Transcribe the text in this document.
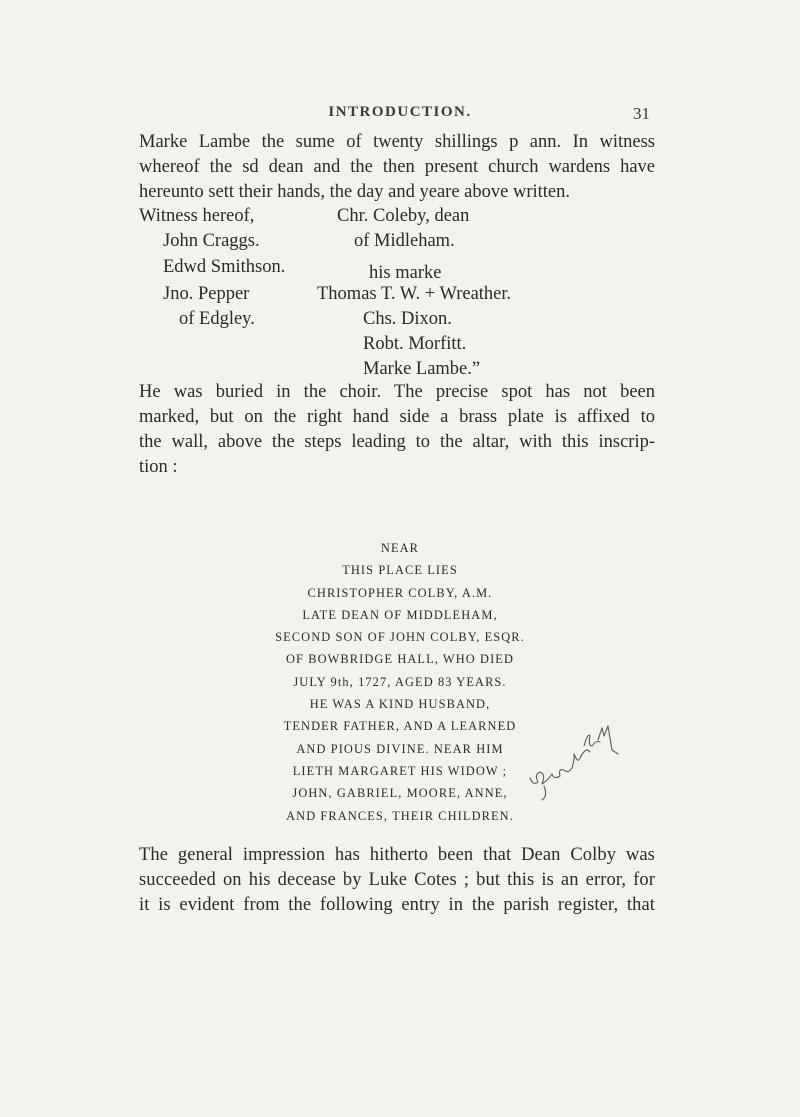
INTRODUCTION.	31

Marke Lambe the sume of twenty shillings p ann. In witness
whereof the sd dean and the then present church wardens have
hereunto sett their hands, the day and yeare above written.

Witness hereof,
John Craggs.
Edwd Smithson.
Jno. Pepper
of Edgley.
Chr. Coleby, dean
of Midleham.
his marke
Thomas T. W. + Wreather.
Chs. Dixon.
Robt. Morfitt.
Marke Lambe.”

He was buried in the choir. The precise spot has not been
marked, but on the right hand side a brass plate is affixed to
the wall, above the steps leading to the altar, with this inscrip-
tion :

NEAR
THIS PLACE LIES
CHRISTOPHER COLBY, A.M.
LATE DEAN OF MIDDLEHAM,
SECOND SON OF JOHN COLBY, ESQR.
OF BOWBRIDGE HALL, WHO DIED
JULY 9th, 1727, AGED 83 YEARS.
HE WAS A KIND HUSBAND,
TENDER FATHER, AND A LEARNED
AND PIOUS DIVINE. NEAR HIM
LIETH MARGARET HIS WIDOW ;
JOHN, GABRIEL, MOORE, ANNE,
AND FRANCES, THEIR CHILDREN.

The general impression has hitherto been that Dean Colby was
succeeded on his decease by Luke Cotes ; but this is an error, for
it is evident from the following entry in the parish register, that
